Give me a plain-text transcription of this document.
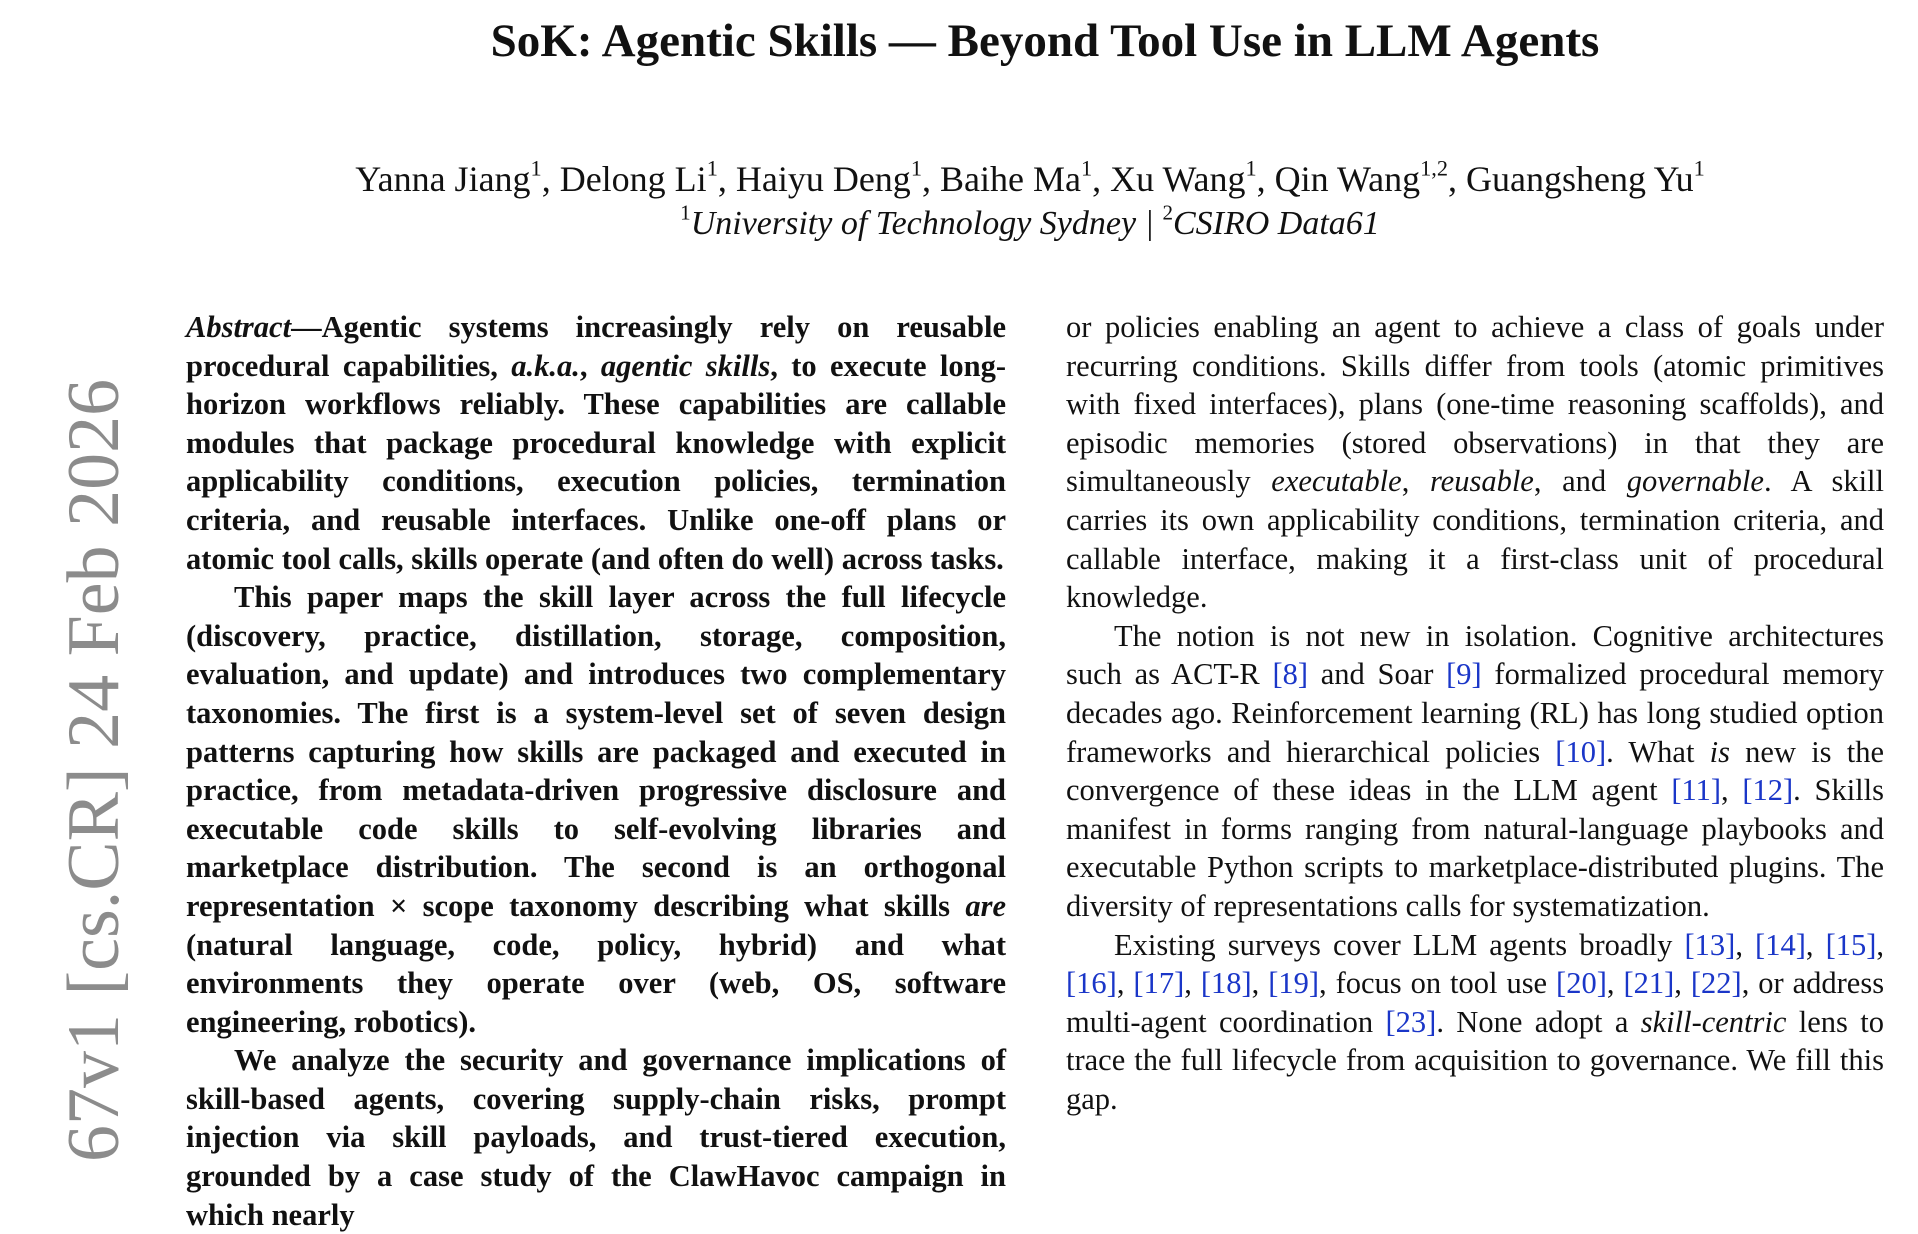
SoK: Agentic Skills — Beyond Tool Use in LLM Agents
Yanna Jiang$^1$, Delong Li$^1$, Haiyu Deng$^1$, Baihe Ma$^1$, Xu Wang$^1$, Qin Wang$^{1,2}$, Guangsheng Yu$^1$
$^1$University of Technology Sydney | $^2$CSIRO Data61
67v1 [cs.CR] 24 Feb 2026

Abstract—Agentic systems increasingly rely on reusable procedural capabilities, a.k.a., agentic skills, to execute long-horizon workflows reliably. These capabilities are callable modules that package procedural knowledge with explicit applicability conditions, execution policies, termination criteria, and reusable interfaces. Unlike one-off plans or atomic tool calls, skills operate (and often do well) across tasks.

This paper maps the skill layer across the full lifecycle (discovery, practice, distillation, storage, composition, evaluation, and update) and introduces two complementary taxonomies. The first is a system-level set of seven design patterns capturing how skills are packaged and executed in practice, from metadata-driven progressive disclosure and executable code skills to self-evolving libraries and marketplace distribution. The second is an orthogonal representation × scope taxonomy describing what skills are (natural language, code, policy, hybrid) and what environments they operate over (web, OS, software engineering, robotics).

We analyze the security and governance implications of skill-based agents, covering supply-chain risks, prompt injection via skill payloads, and trust-tiered execution, grounded by a case study of the ClawHavoc campaign in which nearly

or policies enabling an agent to achieve a class of goals under recurring conditions. Skills differ from tools (atomic primitives with fixed interfaces), plans (one-time reasoning scaffolds), and episodic memories (stored observations) in that they are simultaneously executable, reusable, and governable. A skill carries its own applicability conditions, termination criteria, and callable interface, making it a first-class unit of procedural knowledge.

The notion is not new in isolation. Cognitive architectures such as ACT-R [8] and Soar [9] formalized procedural memory decades ago. Reinforcement learning (RL) has long studied option frameworks and hierarchical policies [10]. What is new is the convergence of these ideas in the LLM agent [11], [12]. Skills manifest in forms ranging from natural-language playbooks and executable Python scripts to marketplace-distributed plugins. The diversity of representations calls for systematization.

Existing surveys cover LLM agents broadly [13], [14], [15], [16], [17], [18], [19], focus on tool use [20], [21], [22], or address multi-agent coordination [23]. None adopt a skill-centric lens to trace the full lifecycle from acquisition to governance. We fill this gap.
